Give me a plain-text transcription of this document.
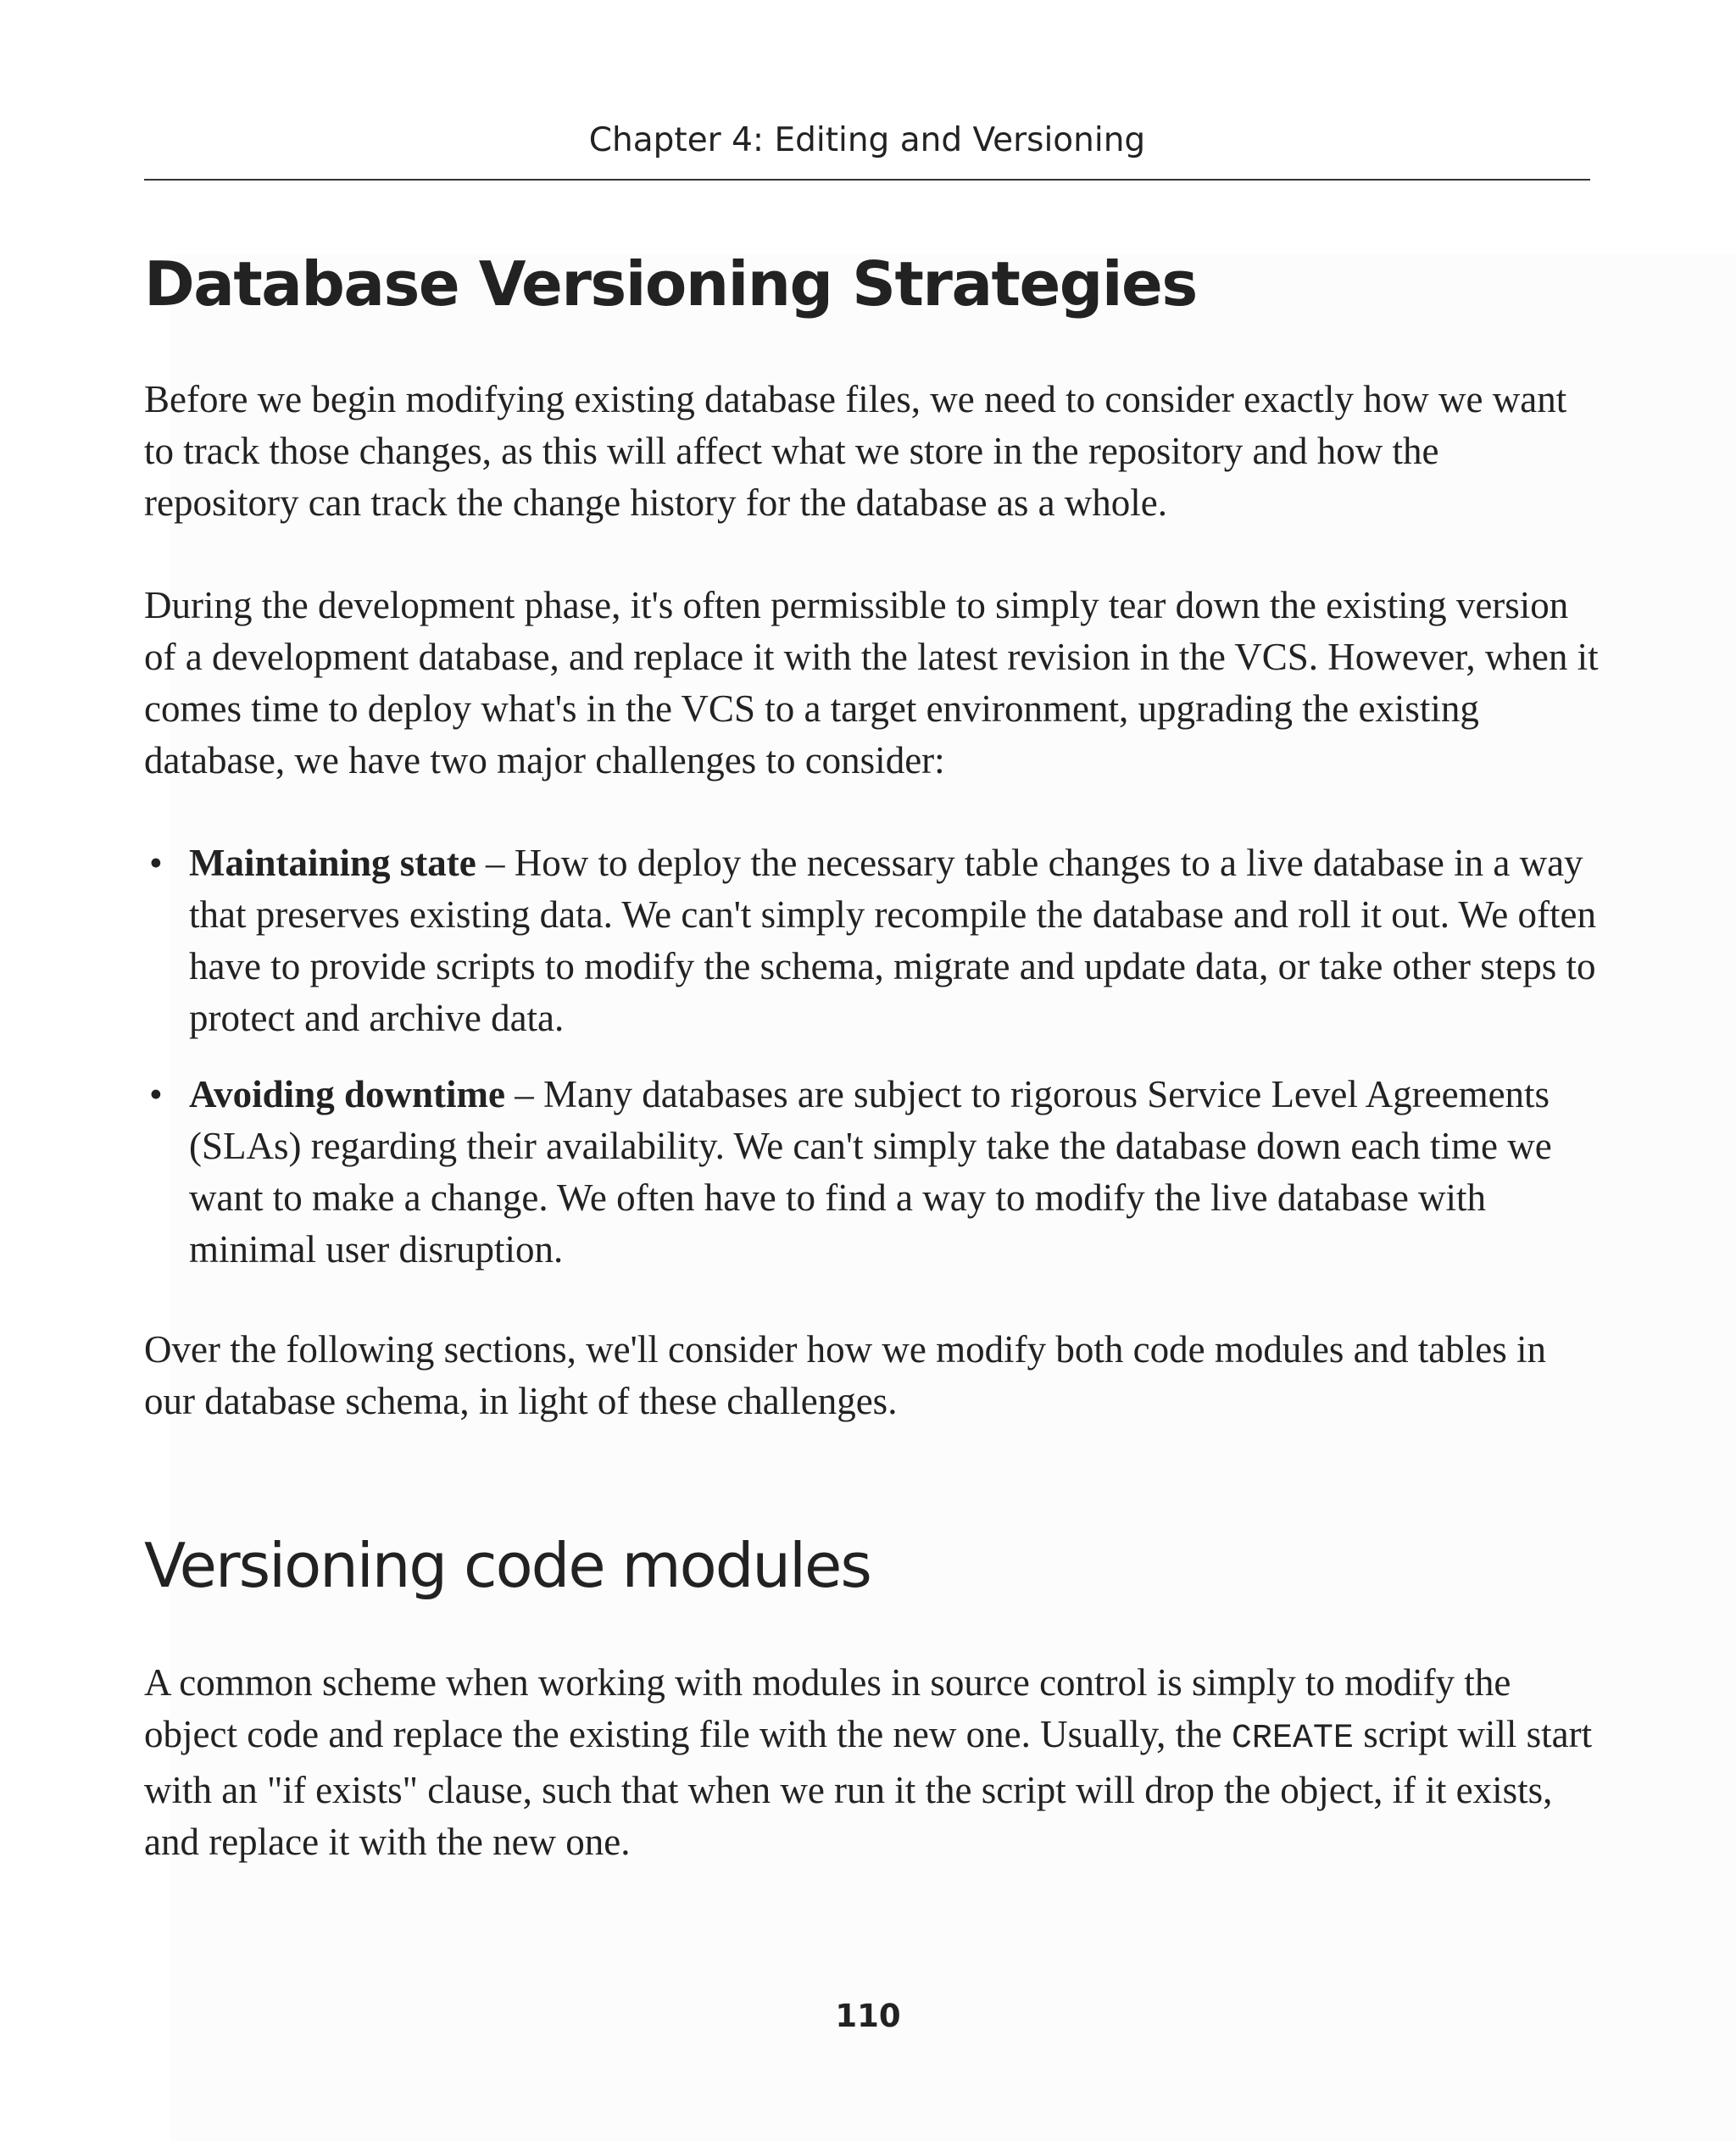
Chapter 4: Editing and Versioning
Database Versioning Strategies

Before we begin modifying existing database files, we need to consider exactly how we want to track those changes, as this will affect what we store in the repository and how the repository can track the change history for the database as a whole.

During the development phase, it's often permissible to simply tear down the existing version of a development database, and replace it with the latest revision in the VCS. However, when it comes time to deploy what's in the VCS to a target environment, upgrading the existing database, we have two major challenges to consider:

• Maintaining state – How to deploy the necessary table changes to a live database in a way that preserves existing data. We can't simply recompile the database and roll it out. We often have to provide scripts to modify the schema, migrate and update data, or take other steps to protect and archive data.
• Avoiding downtime – Many databases are subject to rigorous Service Level Agreements (SLAs) regarding their availability. We can't simply take the database down each time we want to make a change. We often have to find a way to modify the live database with minimal user disruption.

Over the following sections, we'll consider how we modify both code modules and tables in our database schema, in light of these challenges.

Versioning code modules

A common scheme when working with modules in source control is simply to modify the object code and replace the existing file with the new one. Usually, the CREATE script will start with an "if exists" clause, such that when we run it the script will drop the object, if it exists, and replace it with the new one.

110
